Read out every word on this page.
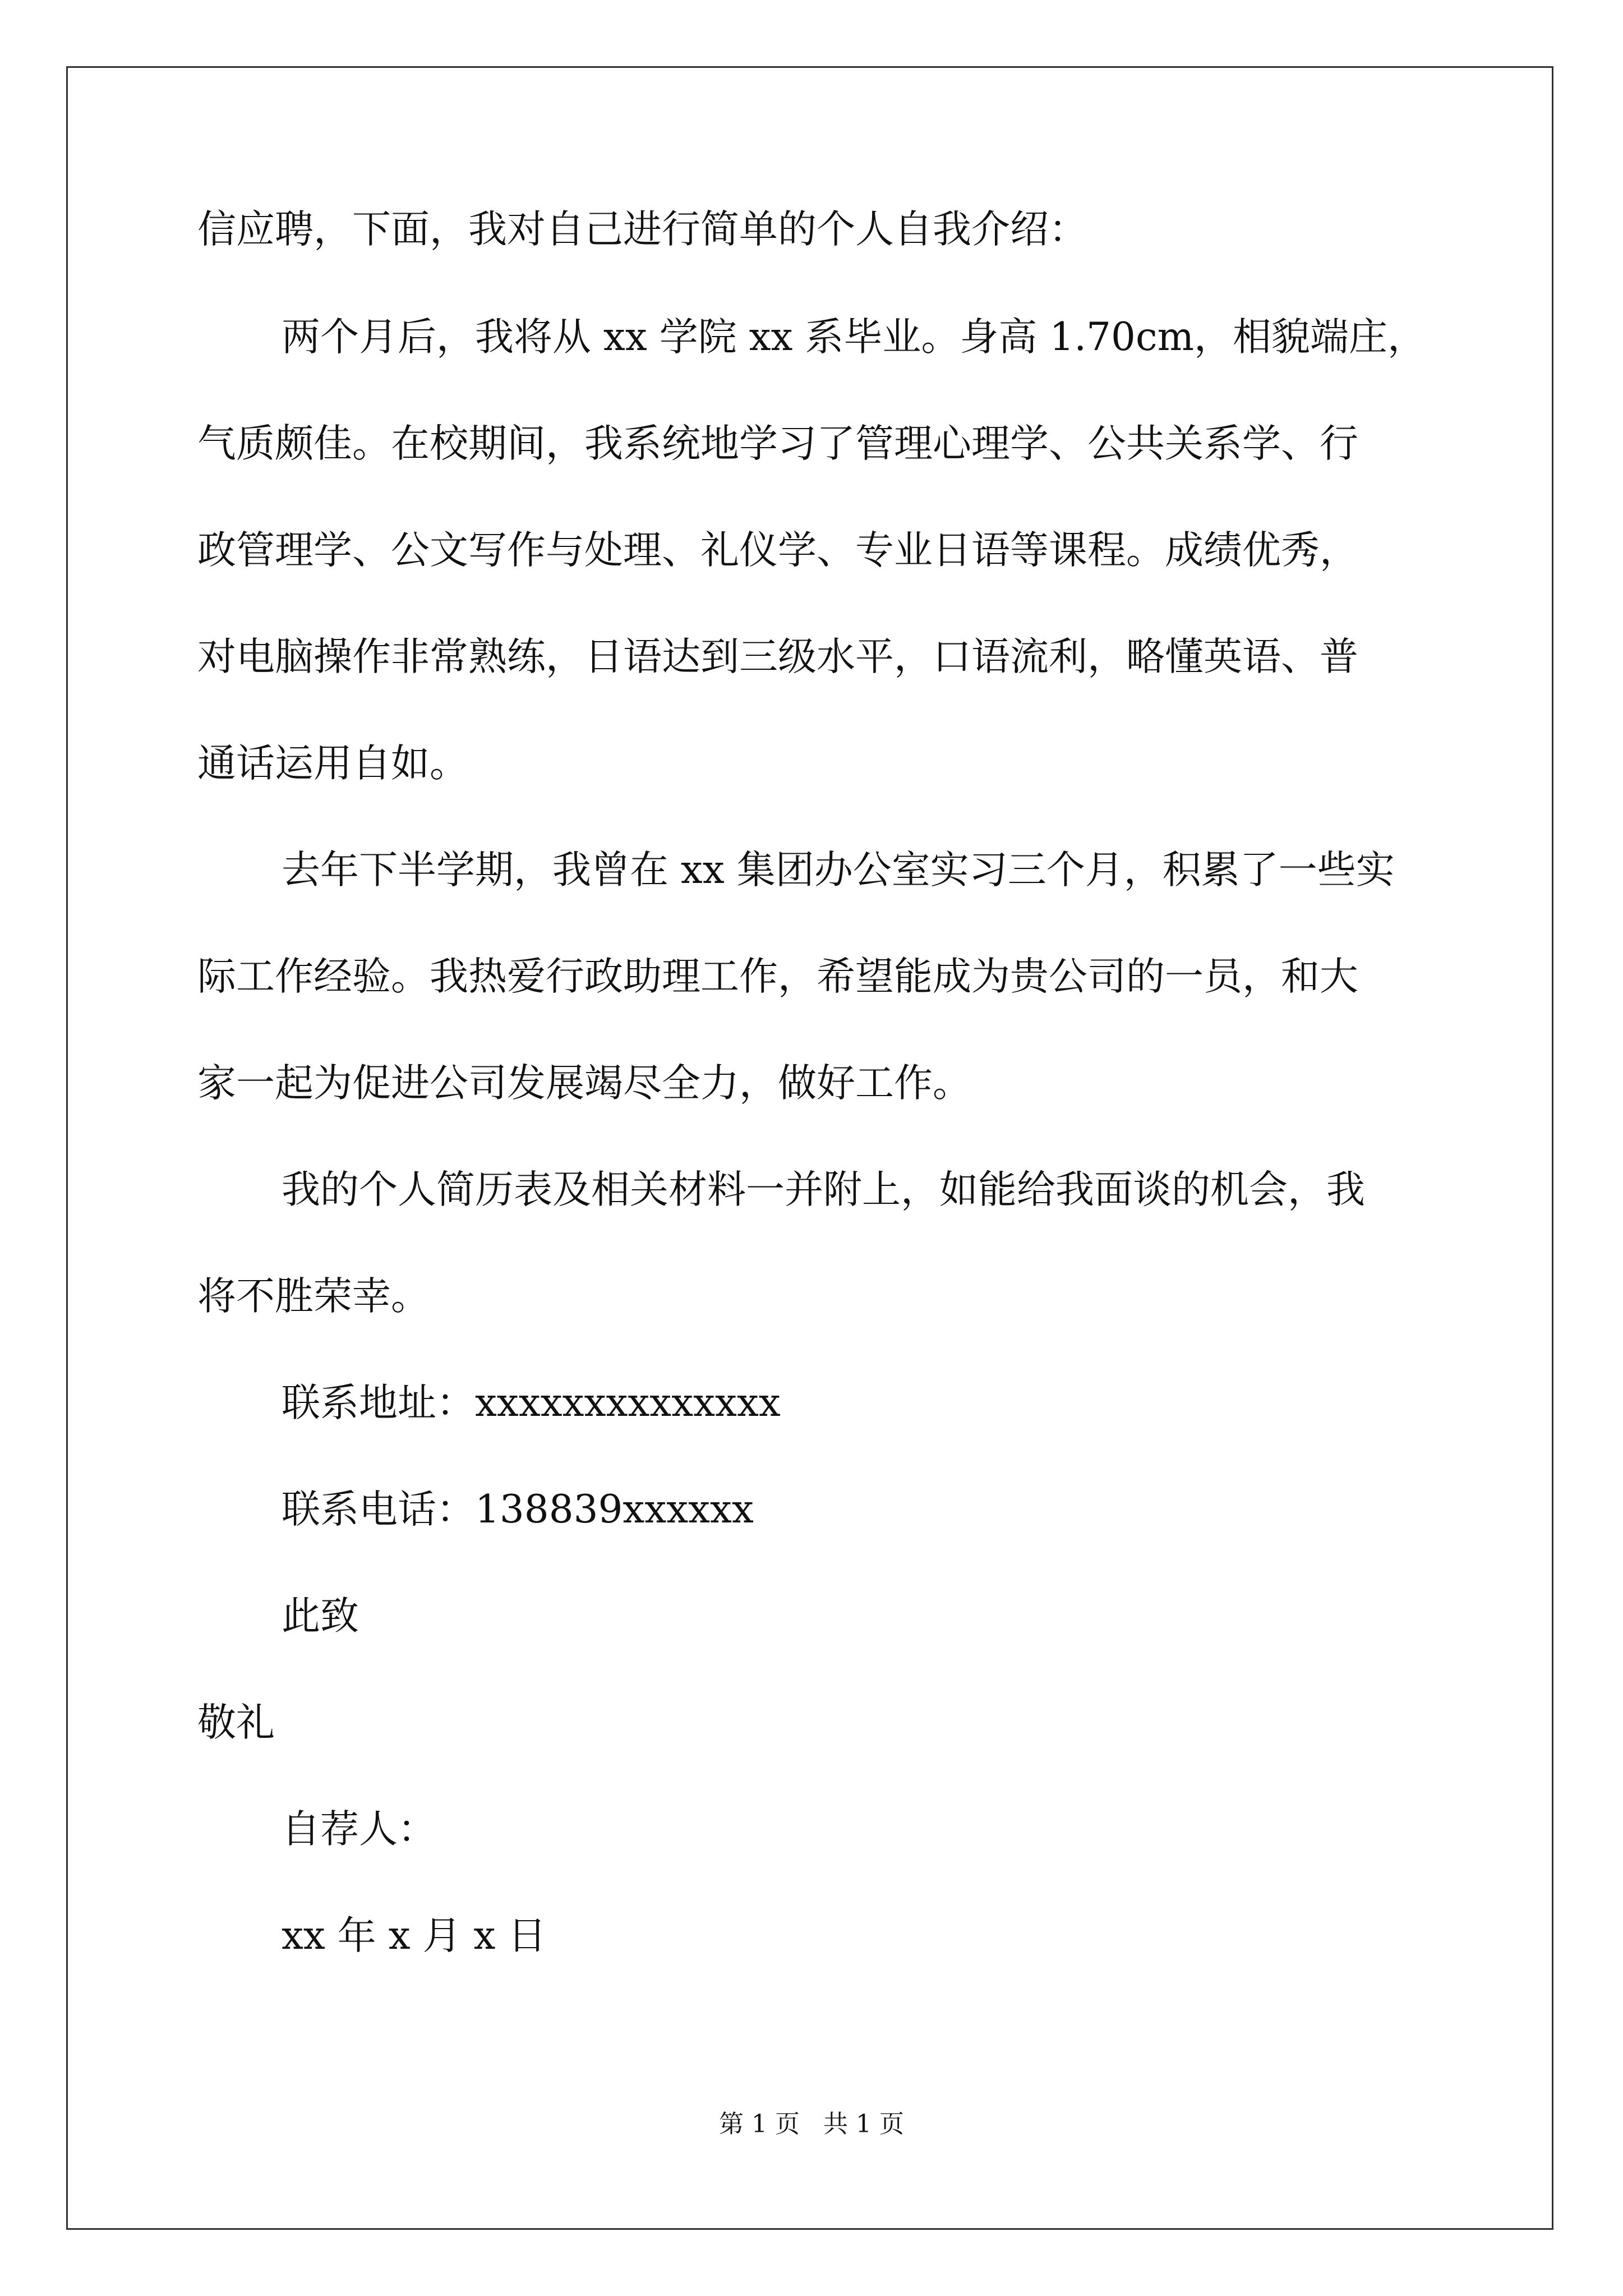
信应聘，下面，我对自己进行简单的个人自我介绍：
两个月后，我将从 xx 学院 xx 系毕业。身高 1.70cm，相貌端庄，
气质颇佳。在校期间，我系统地学习了管理心理学、公共关系学、行
政管理学、公文写作与处理、礼仪学、专业日语等课程。成绩优秀，
对电脑操作非常熟练，日语达到三级水平，口语流利，略懂英语、普
通话运用自如。
去年下半学期，我曾在 xx 集团办公室实习三个月，积累了一些实
际工作经验。我热爱行政助理工作，希望能成为贵公司的一员，和大
家一起为促进公司发展竭尽全力，做好工作。
我的个人简历表及相关材料一并附上，如能给我面谈的机会，我
将不胜荣幸。
联系地址：xxxxxxxxxxxxxx
联系电话：138839xxxxxx
此致
敬礼
自荐人：
xx 年 x 月 x 日
第 1 页   共 1 页
